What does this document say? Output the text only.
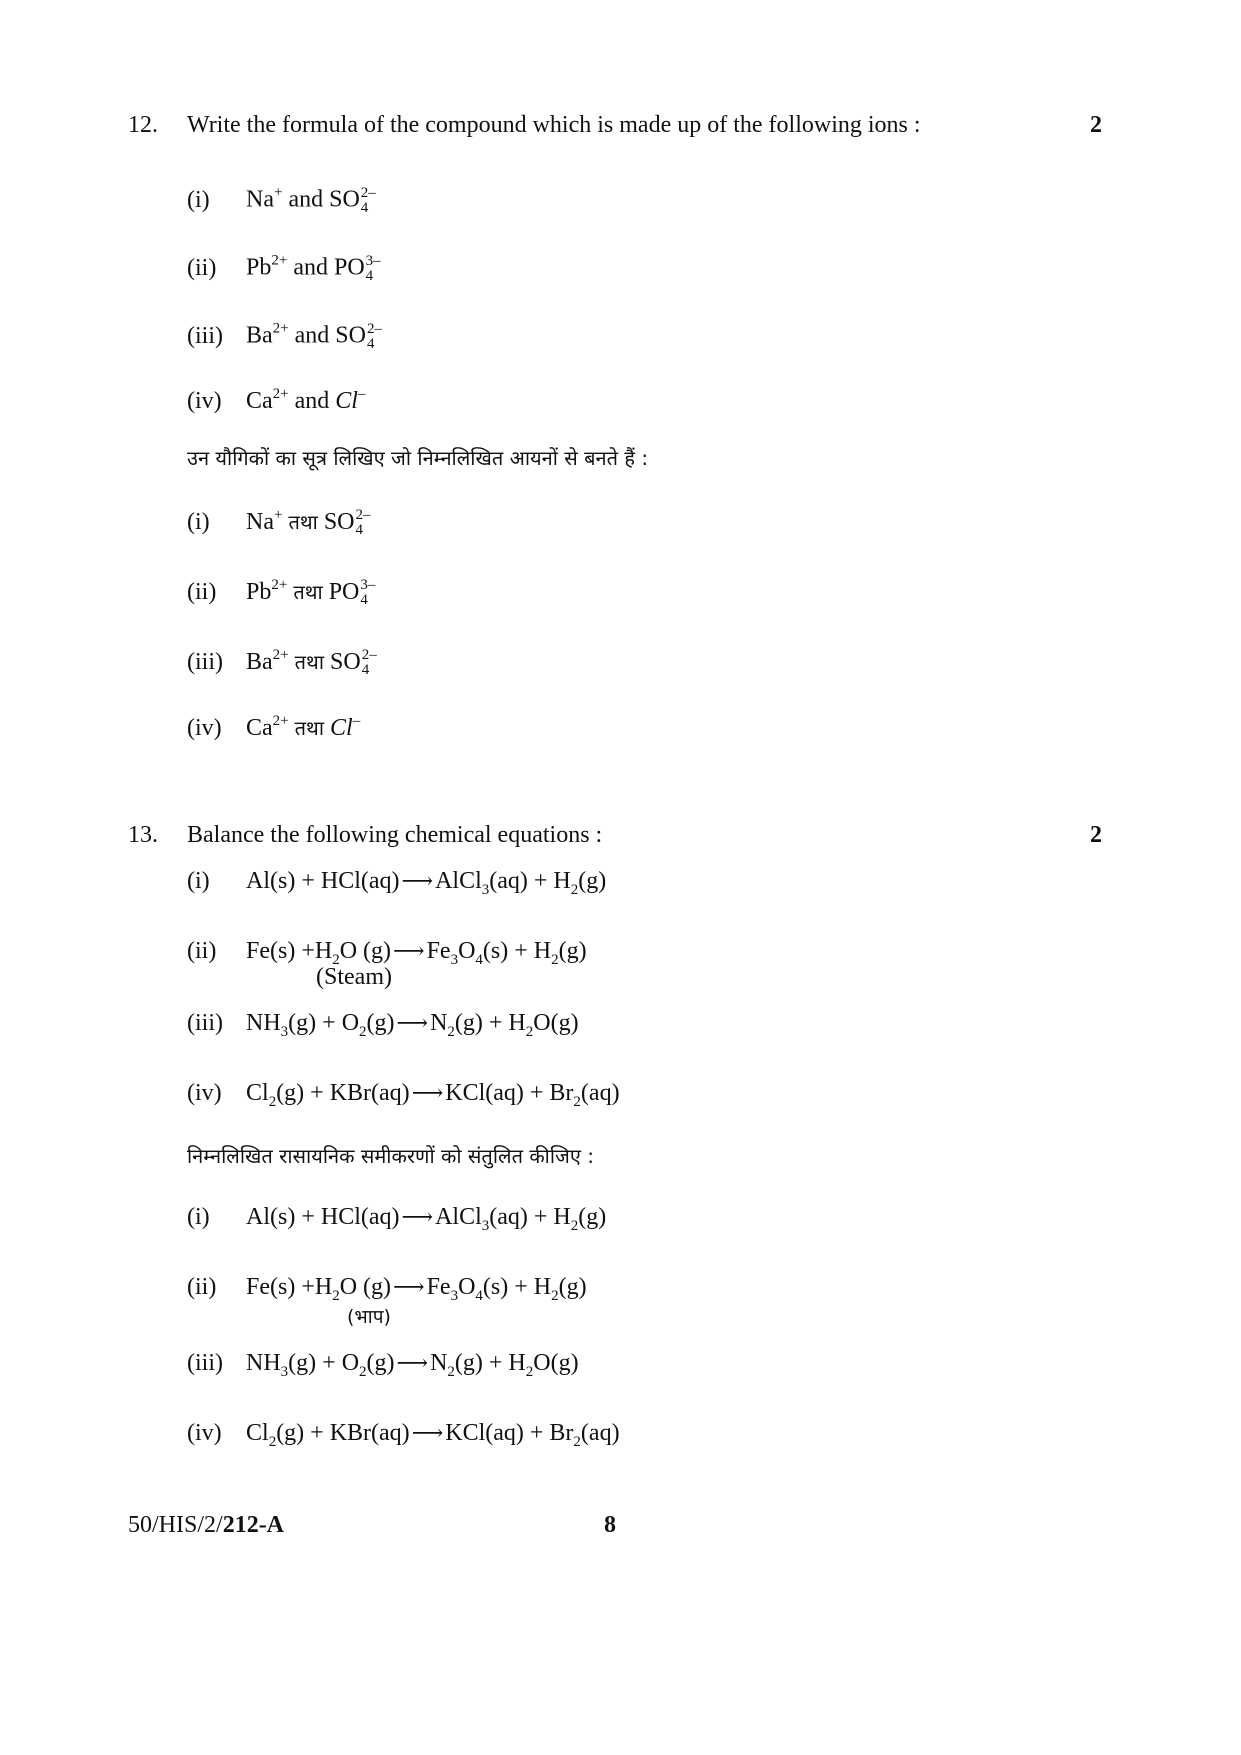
12. Write the formula of the compound which is made up of the following ions :	2
(i) Na+ and SO 2–
4
(ii) $Pb^{2+}$ and PO 3–
4
(iii) $Ba^{2+}$ and SO 2–
4
(iv) $Ca^{2+}$ and Cl–
उन यौगिकों का सूत्र लिखिए जो निम्नलिखित आयनों से बनते हैं :
(i) Na+ तथा SO 2–
4
(ii) $Pb^{2+}$ तथा PO 3–
4
(iii) $Ba^{2+}$ तथा SO 2–
4
(iv) $Ca^{2+}$ तथा Cl–
13. Balance the following chemical equations :	2
(i) Al(s) + HCl(aq)⟶AlCl$_3$(aq) + $H_2(g)$
(ii) $Fe(s) +H_2O$ $(g)⟶Fe_3O_4(s) + H_2(g)$
(Steam)
(iii) $NH_3(g)$ + $O_2(g)⟶N_2(g) + H_2O(g)$
(iv) $Cl_2(g)$ + KBr(aq)⟶KCl(aq) + $Br_2(aq)$
निम्नलिखित रासायनिक समीकरणों को संतुलित कीजिए :
(i) Al(s) + HCl(aq)⟶AlCl$_3$(aq) + $H_2(g)$
(ii) $Fe(s) +H_2O$ $(g)⟶Fe_3O_4(s) + H_2(g)$
(भाप)
(iii) $NH_3(g)$ + $O_2(g)⟶N_2(g) + H_2O(g)$
(iv) $Cl_2(g)$ + KBr(aq)⟶KCl(aq) + $Br_2(aq)$
50/HIS/2/212-A	8
